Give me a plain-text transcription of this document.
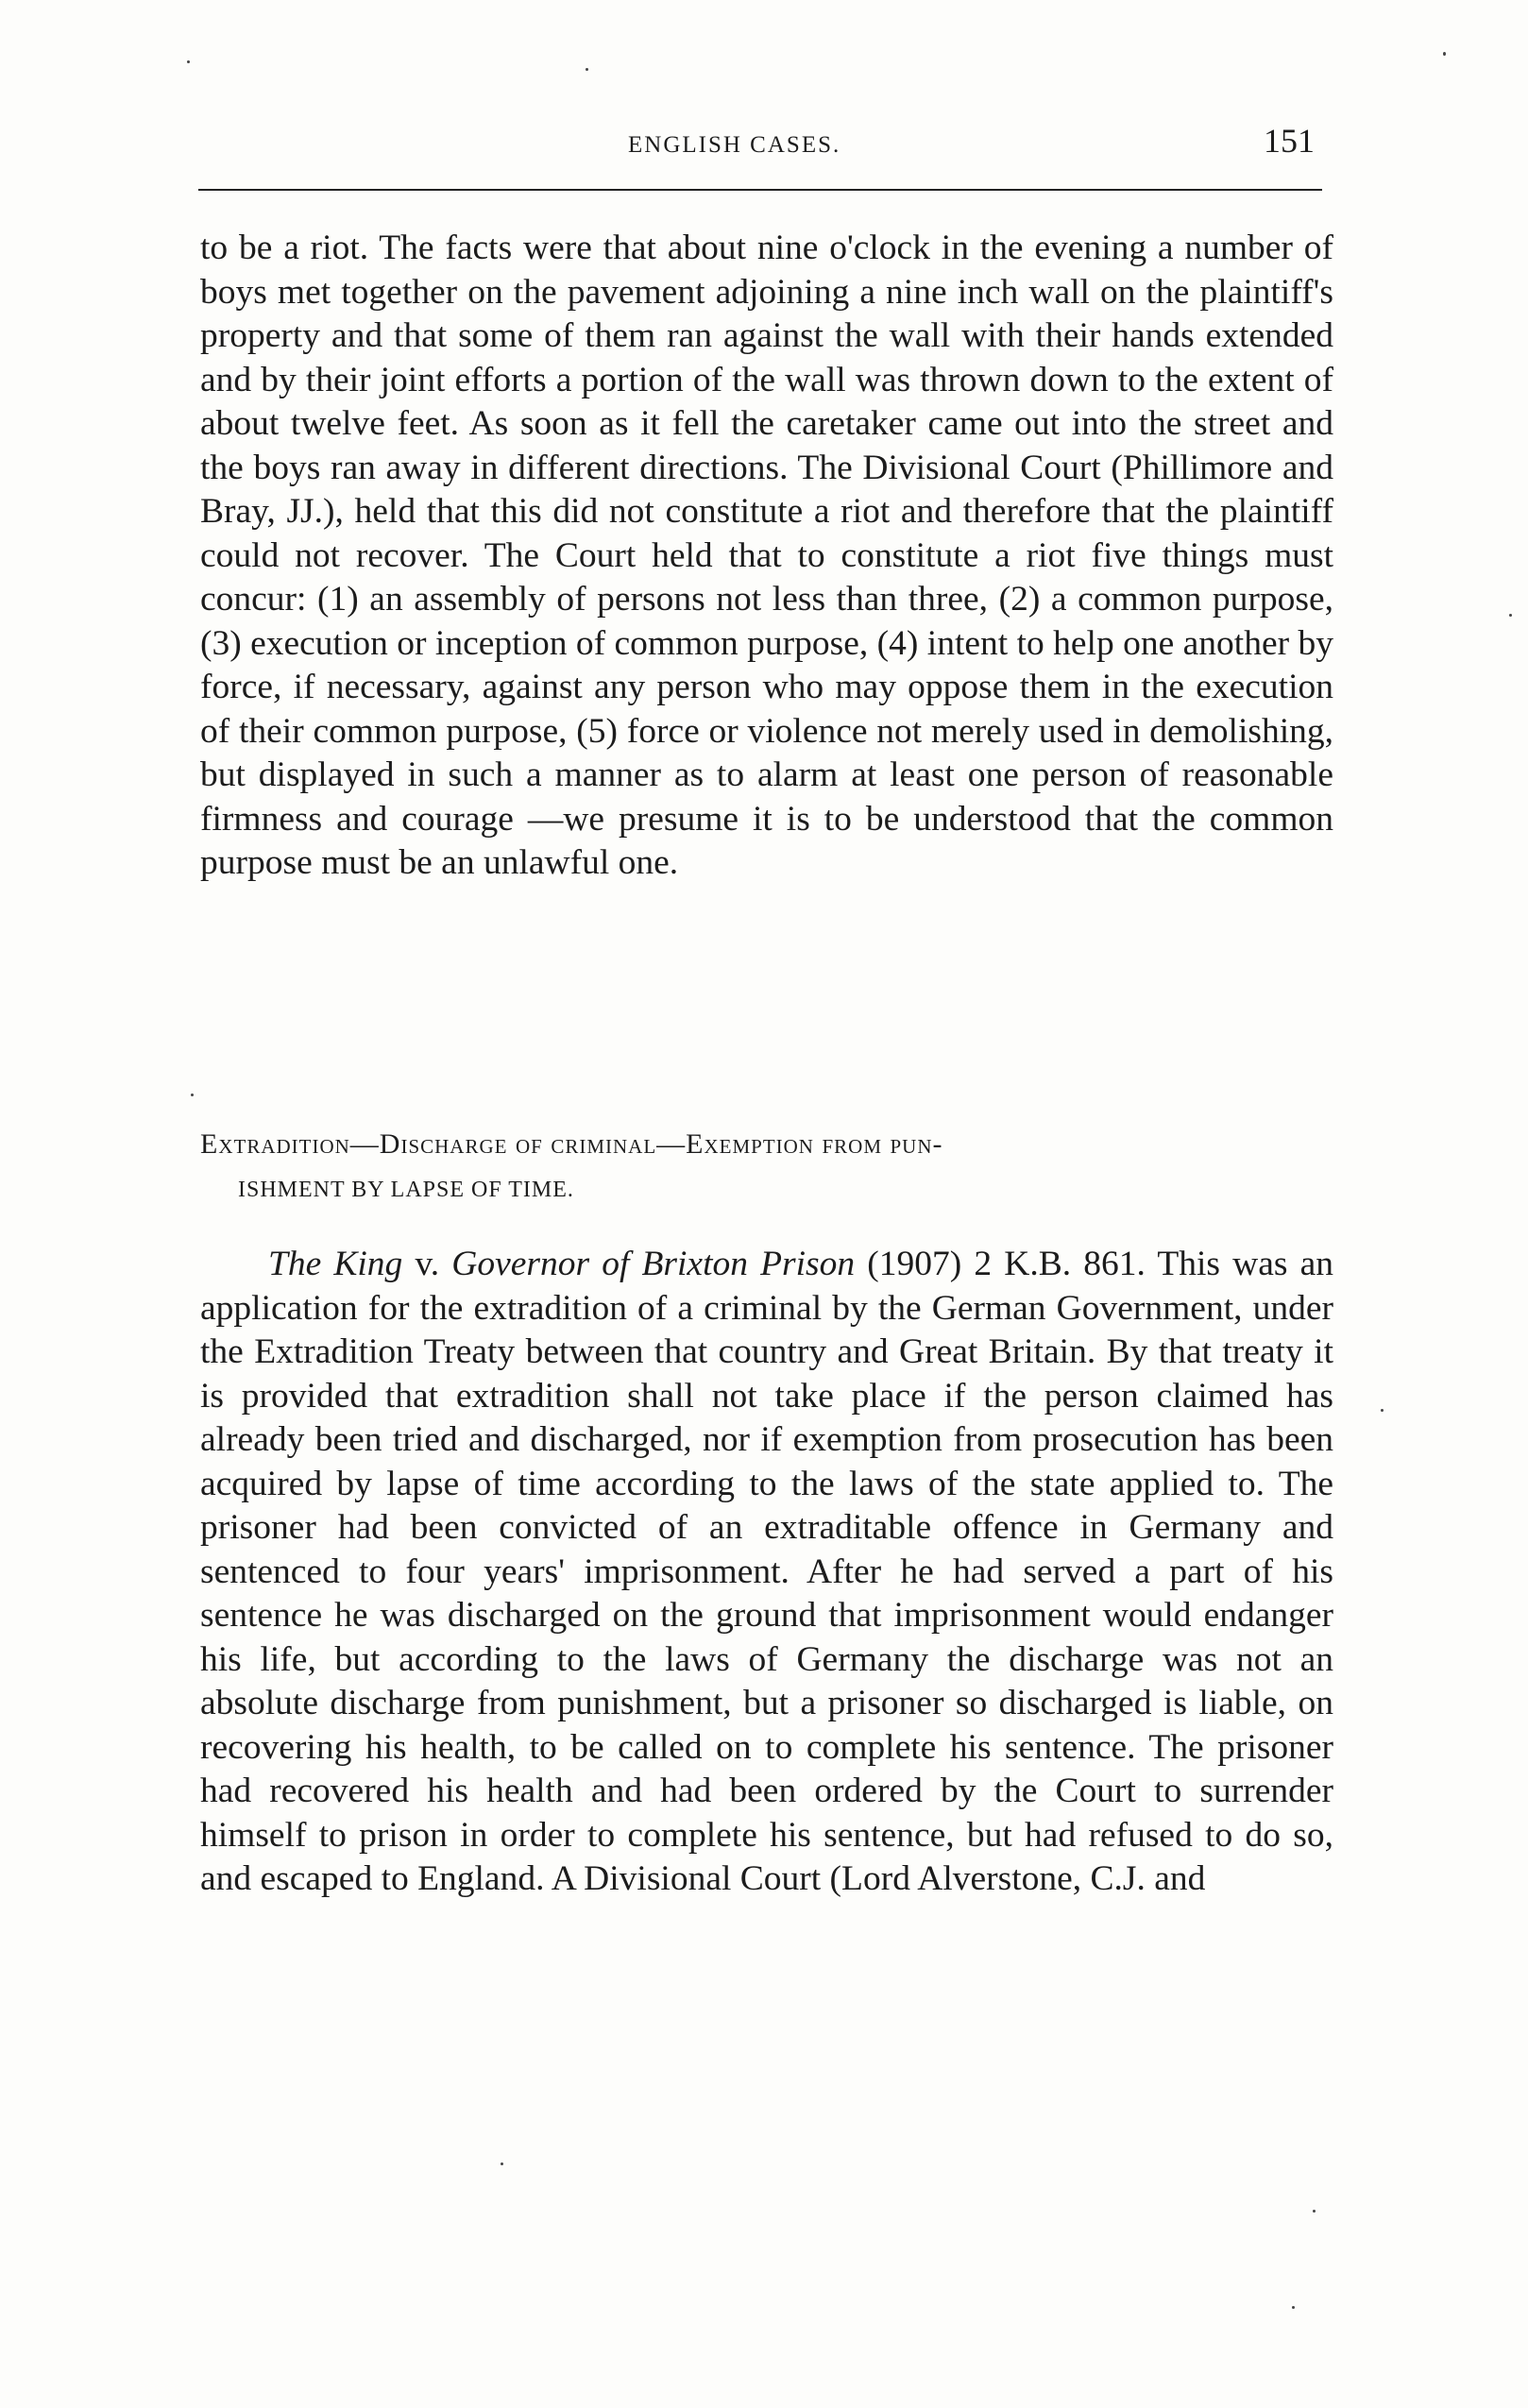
ENGLISH CASES.	151

to be a riot. The facts were that about nine o'clock in the evening a number of boys met together on the pavement adjoining a nine inch wall on the plaintiff's property and that some of them ran against the wall with their hands extended and by their joint efforts a portion of the wall was thrown down to the extent of about twelve feet. As soon as it fell the caretaker came out into the street and the boys ran away in different directions. The Divisional Court (Phillimore and Bray, JJ.), held that this did not constitute a riot and therefore that the plaintiff could not recover. The Court held that to constitute a riot five things must concur: (1) an assembly of persons not less than three, (2) a common purpose, (3) execution or inception of common purpose, (4) intent to help one another by force, if necessary, against any person who may oppose them in the execution of their common purpose, (5) force or violence not merely used in demolishing, but displayed in such a manner as to alarm at least one person of reasonable firmness and courage —we presume it is to be understood that the common purpose must be an unlawful one.

Extradition—Discharge of criminal—Exemption from pun-
ISHMENT BY LAPSE OF TIME.

The King v. Governor of Brixton Prison (1907) 2 K.B. 861. This was an application for the extradition of a criminal by the German Government, under the Extradition Treaty between that country and Great Britain. By that treaty it is provided that extradition shall not take place if the person claimed has already been tried and discharged, nor if exemption from prosecution has been acquired by lapse of time according to the laws of the state applied to. The prisoner had been convicted of an extraditable offence in Germany and sentenced to four years' imprisonment. After he had served a part of his sentence he was discharged on the ground that imprisonment would endanger his life, but according to the laws of Germany the discharge was not an absolute discharge from punishment, but a prisoner so discharged is liable, on recovering his health, to be called on to complete his sentence. The prisoner had recovered his health and had been ordered by the Court to surrender himself to prison in order to complete his sentence, but had refused to do so, and escaped to England. A Divisional Court (Lord Alverstone, C.J. and
